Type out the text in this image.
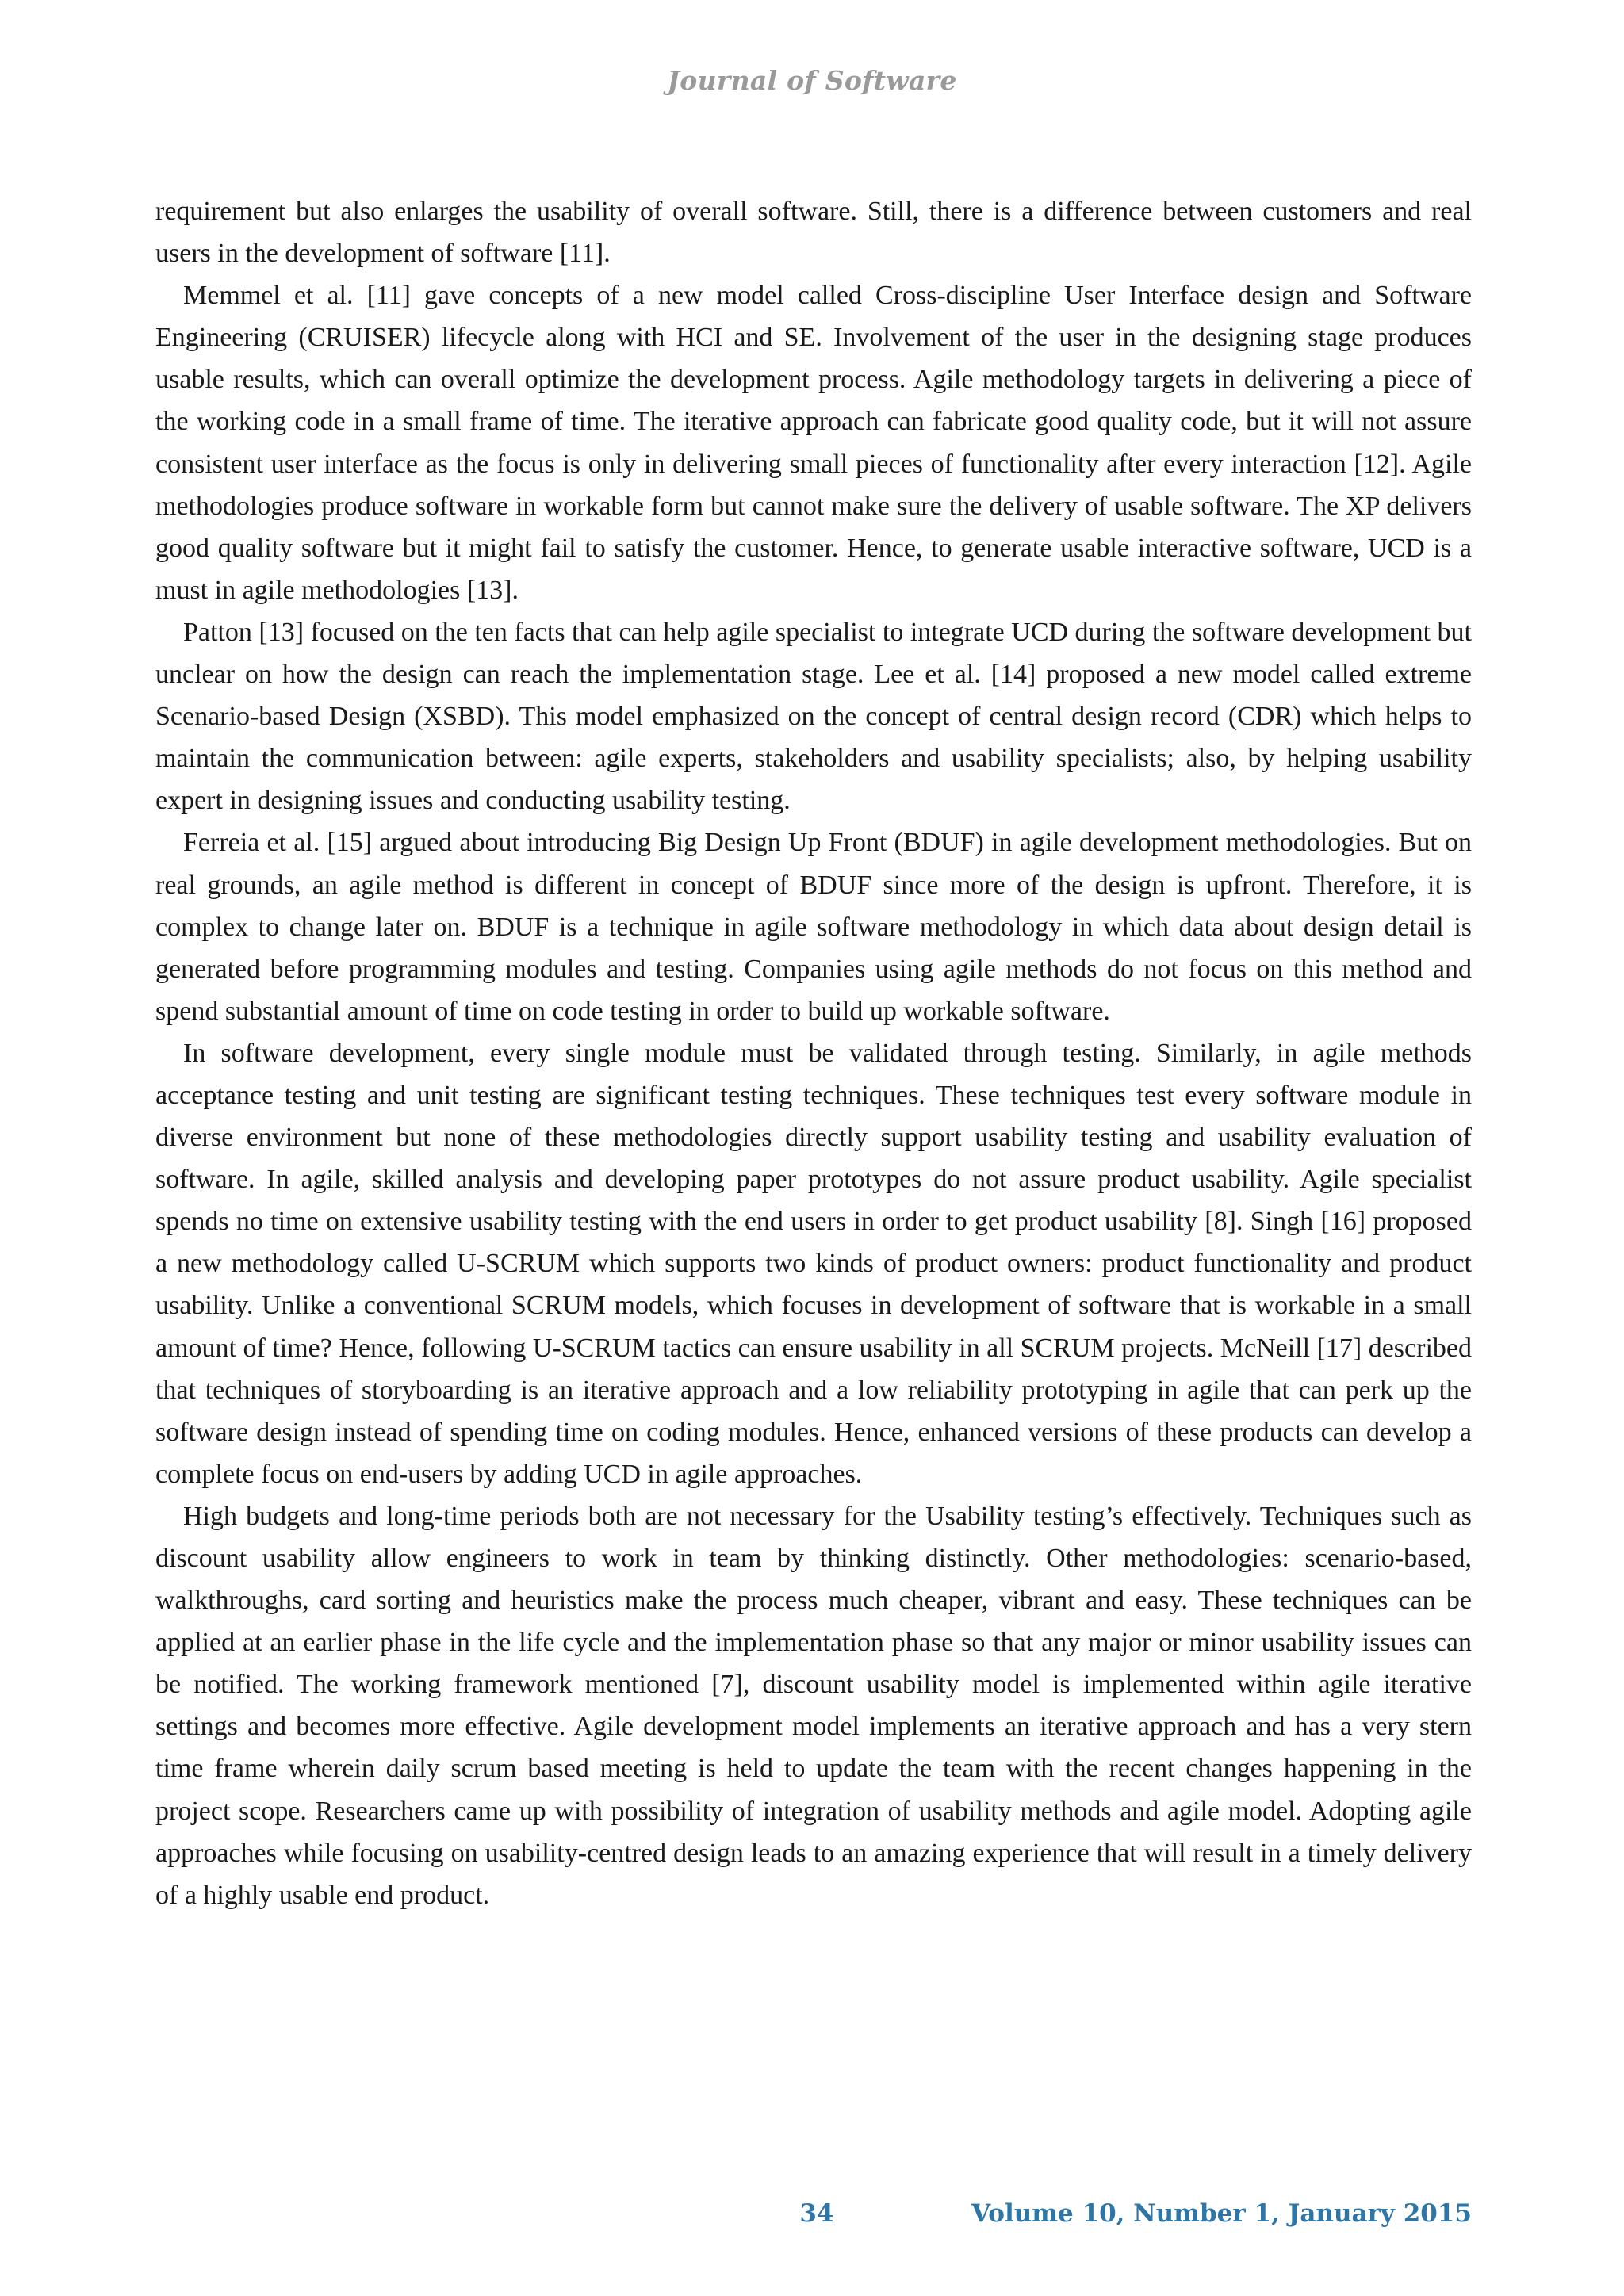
Journal of Software

requirement but also enlarges the usability of overall software. Still, there is a difference between customers and real users in the development of software [11].

Memmel et al. [11] gave concepts of a new model called Cross-discipline User Interface design and Software Engineering (CRUISER) lifecycle along with HCI and SE. Involvement of the user in the designing stage produces usable results, which can overall optimize the development process. Agile methodology targets in delivering a piece of the working code in a small frame of time. The iterative approach can fabricate good quality code, but it will not assure consistent user interface as the focus is only in delivering small pieces of functionality after every interaction [12]. Agile methodologies produce software in workable form but cannot make sure the delivery of usable software. The XP delivers good quality software but it might fail to satisfy the customer. Hence, to generate usable interactive software, UCD is a must in agile methodologies [13].

Patton [13] focused on the ten facts that can help agile specialist to integrate UCD during the software development but unclear on how the design can reach the implementation stage. Lee et al. [14] proposed a new model called extreme Scenario-based Design (XSBD). This model emphasized on the concept of central design record (CDR) which helps to maintain the communication between: agile experts, stakeholders and usability specialists; also, by helping usability expert in designing issues and conducting usability testing.

Ferreia et al. [15] argued about introducing Big Design Up Front (BDUF) in agile development methodologies. But on real grounds, an agile method is different in concept of BDUF since more of the design is upfront. Therefore, it is complex to change later on. BDUF is a technique in agile software methodology in which data about design detail is generated before programming modules and testing. Companies using agile methods do not focus on this method and spend substantial amount of time on code testing in order to build up workable software.

In software development, every single module must be validated through testing. Similarly, in agile methods acceptance testing and unit testing are significant testing techniques. These techniques test every software module in diverse environment but none of these methodologies directly support usability testing and usability evaluation of software. In agile, skilled analysis and developing paper prototypes do not assure product usability. Agile specialist spends no time on extensive usability testing with the end users in order to get product usability [8]. Singh [16] proposed a new methodology called U-SCRUM which supports two kinds of product owners: product functionality and product usability. Unlike a conventional SCRUM models, which focuses in development of software that is workable in a small amount of time? Hence, following U-SCRUM tactics can ensure usability in all SCRUM projects. McNeill [17] described that techniques of storyboarding is an iterative approach and a low reliability prototyping in agile that can perk up the software design instead of spending time on coding modules. Hence, enhanced versions of these products can develop a complete focus on end-users by adding UCD in agile approaches.

High budgets and long-time periods both are not necessary for the Usability testing’s effectively. Techniques such as discount usability allow engineers to work in team by thinking distinctly. Other methodologies: scenario-based, walkthroughs, card sorting and heuristics make the process much cheaper, vibrant and easy. These techniques can be applied at an earlier phase in the life cycle and the implementation phase so that any major or minor usability issues can be notified. The working framework mentioned [7], discount usability model is implemented within agile iterative settings and becomes more effective. Agile development model implements an iterative approach and has a very stern time frame wherein daily scrum based meeting is held to update the team with the recent changes happening in the project scope. Researchers came up with possibility of integration of usability methods and agile model. Adopting agile approaches while focusing on usability-centred design leads to an amazing experience that will result in a timely delivery of a highly usable end product.

34	Volume 10, Number 1, January 2015
